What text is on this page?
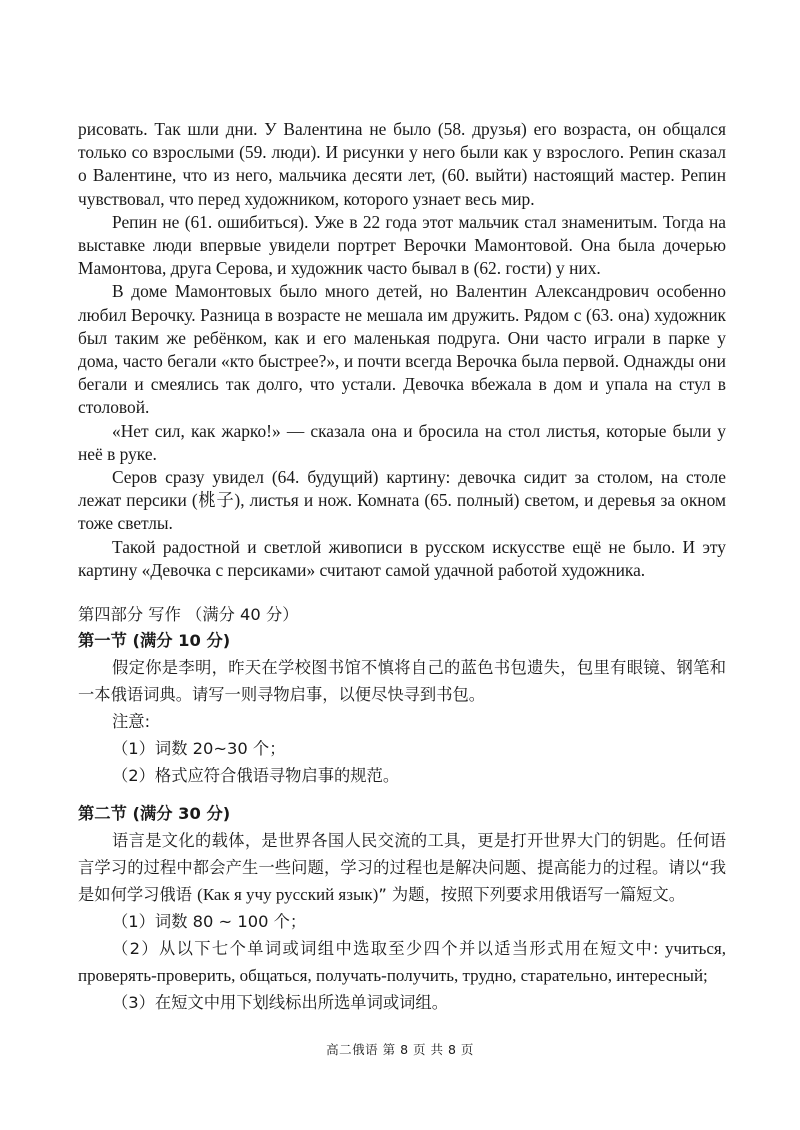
рисовать. Так шли дни. У Валентина не было (58. друзья) его возраста, он общался только со взрослыми (59. люди). И рисунки у него были как у взрослого. Репин сказал о Валентине, что из него, мальчика десяти лет, (60. выйти) настоящий мастер. Репин чувствовал, что перед художником, которого узнает весь мир.

Репин не (61. ошибиться). Уже в 22 года этот мальчик стал знаменитым. Тогда на выставке люди впервые увидели портрет Верочки Мамонтовой. Она была дочерью Мамонтова, друга Серова, и художник часто бывал в (62. гости) у них.

В доме Мамонтовых было много детей, но Валентин Александрович особенно любил Верочку. Разница в возрасте не мешала им дружить. Рядом с (63. она) художник был таким же ребёнком, как и его маленькая подруга. Они часто играли в парке у дома, часто бегали «кто быстрее?», и почти всегда Верочка была первой. Однажды они бегали и смеялись так долго, что устали. Девочка вбежала в дом и упала на стул в столовой.

«Нет сил, как жарко!» — сказала она и бросила на стол листья, которые были у неё в руке.

Серов сразу увидел (64. будущий) картину: девочка сидит за столом, на столе лежат персики (桃子), листья и нож. Комната (65. полный) светом, и деревья за окном тоже светлы.

Такой радостной и светлой живописи в русском искусстве ещё не было. И эту картину «Девочка с персиками» считают самой удачной работой художника.

第四部分 写作 （满分 40 分）

第一节 (满分 10 分)

假定你是李明，昨天在学校图书馆不慎将自己的蓝色书包遗失，包里有眼镜、钢笔和一本俄语词典。请写一则寻物启事，以便尽快寻到书包。

注意:

（1）词数 20~30 个；

（2）格式应符合俄语寻物启事的规范。

第二节 (满分 30 分)

语言是文化的载体，是世界各国人民交流的工具，更是打开世界大门的钥匙。任何语言学习的过程中都会产生一些问题，学习的过程也是解决问题、提高能力的过程。请以“我是如何学习俄语 (Как я учу русский язык)” 为题，按照下列要求用俄语写一篇短文。

（1）词数 80 ~ 100 个；

（2）从以下七个单词或词组中选取至少四个并以适当形式用在短文中: учиться, проверять-проверить, общаться, получать-получить, трудно, старательно, интересный;

（3）在短文中用下划线标出所选单词或词组。

高二俄语 第 8 页 共 8 页
